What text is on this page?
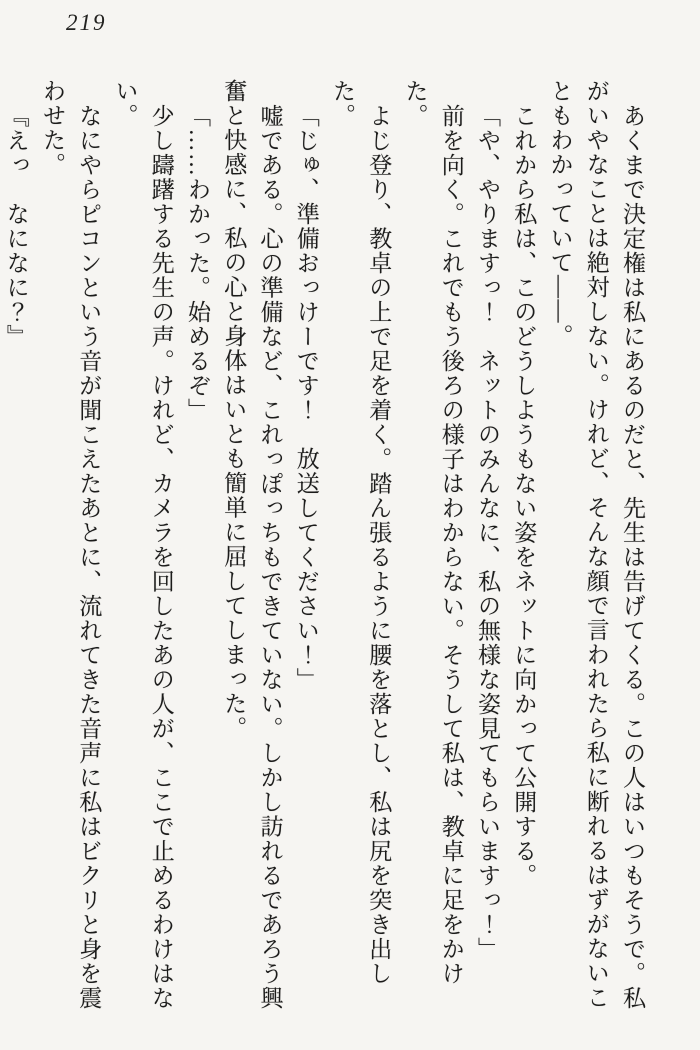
219

あくまで決定権は私にあるのだと、先生は告げてくる。この人はいつもそうで。私

がいやなことは絶対しない。けれど、そんな顔で言われたら私に断れるはずがないこ

ともわかっていて――。

これから私は、このどうしようもない姿をネットに向かって公開する。

「や、やりますっ！　ネットのみんなに、私の無様な姿見てもらいますっ！」

前を向く。これでもう後ろの様子はわからない。そうして私は、教卓に足をかけた。

よじ登り、教卓の上で足を着く。踏ん張るように腰を落とし、私は尻を突き出した。

「じゅ、準備おっけーです！　放送してください！」

嘘である。心の準備など、これっぽっちもできていない。しかし訪れるであろう興

奮と快感に、私の心と身体はいとも簡単に屈してしまった。

「……わかった。始めるぞ」

少し躊躇する先生の声。けれど、カメラを回したあの人が、ここで止めるわけはな

い。

なにやらピコンという音が聞こえたあとに、流れてきた音声に私はビクリと身を震

わせた。

『えっ　なになに？』
